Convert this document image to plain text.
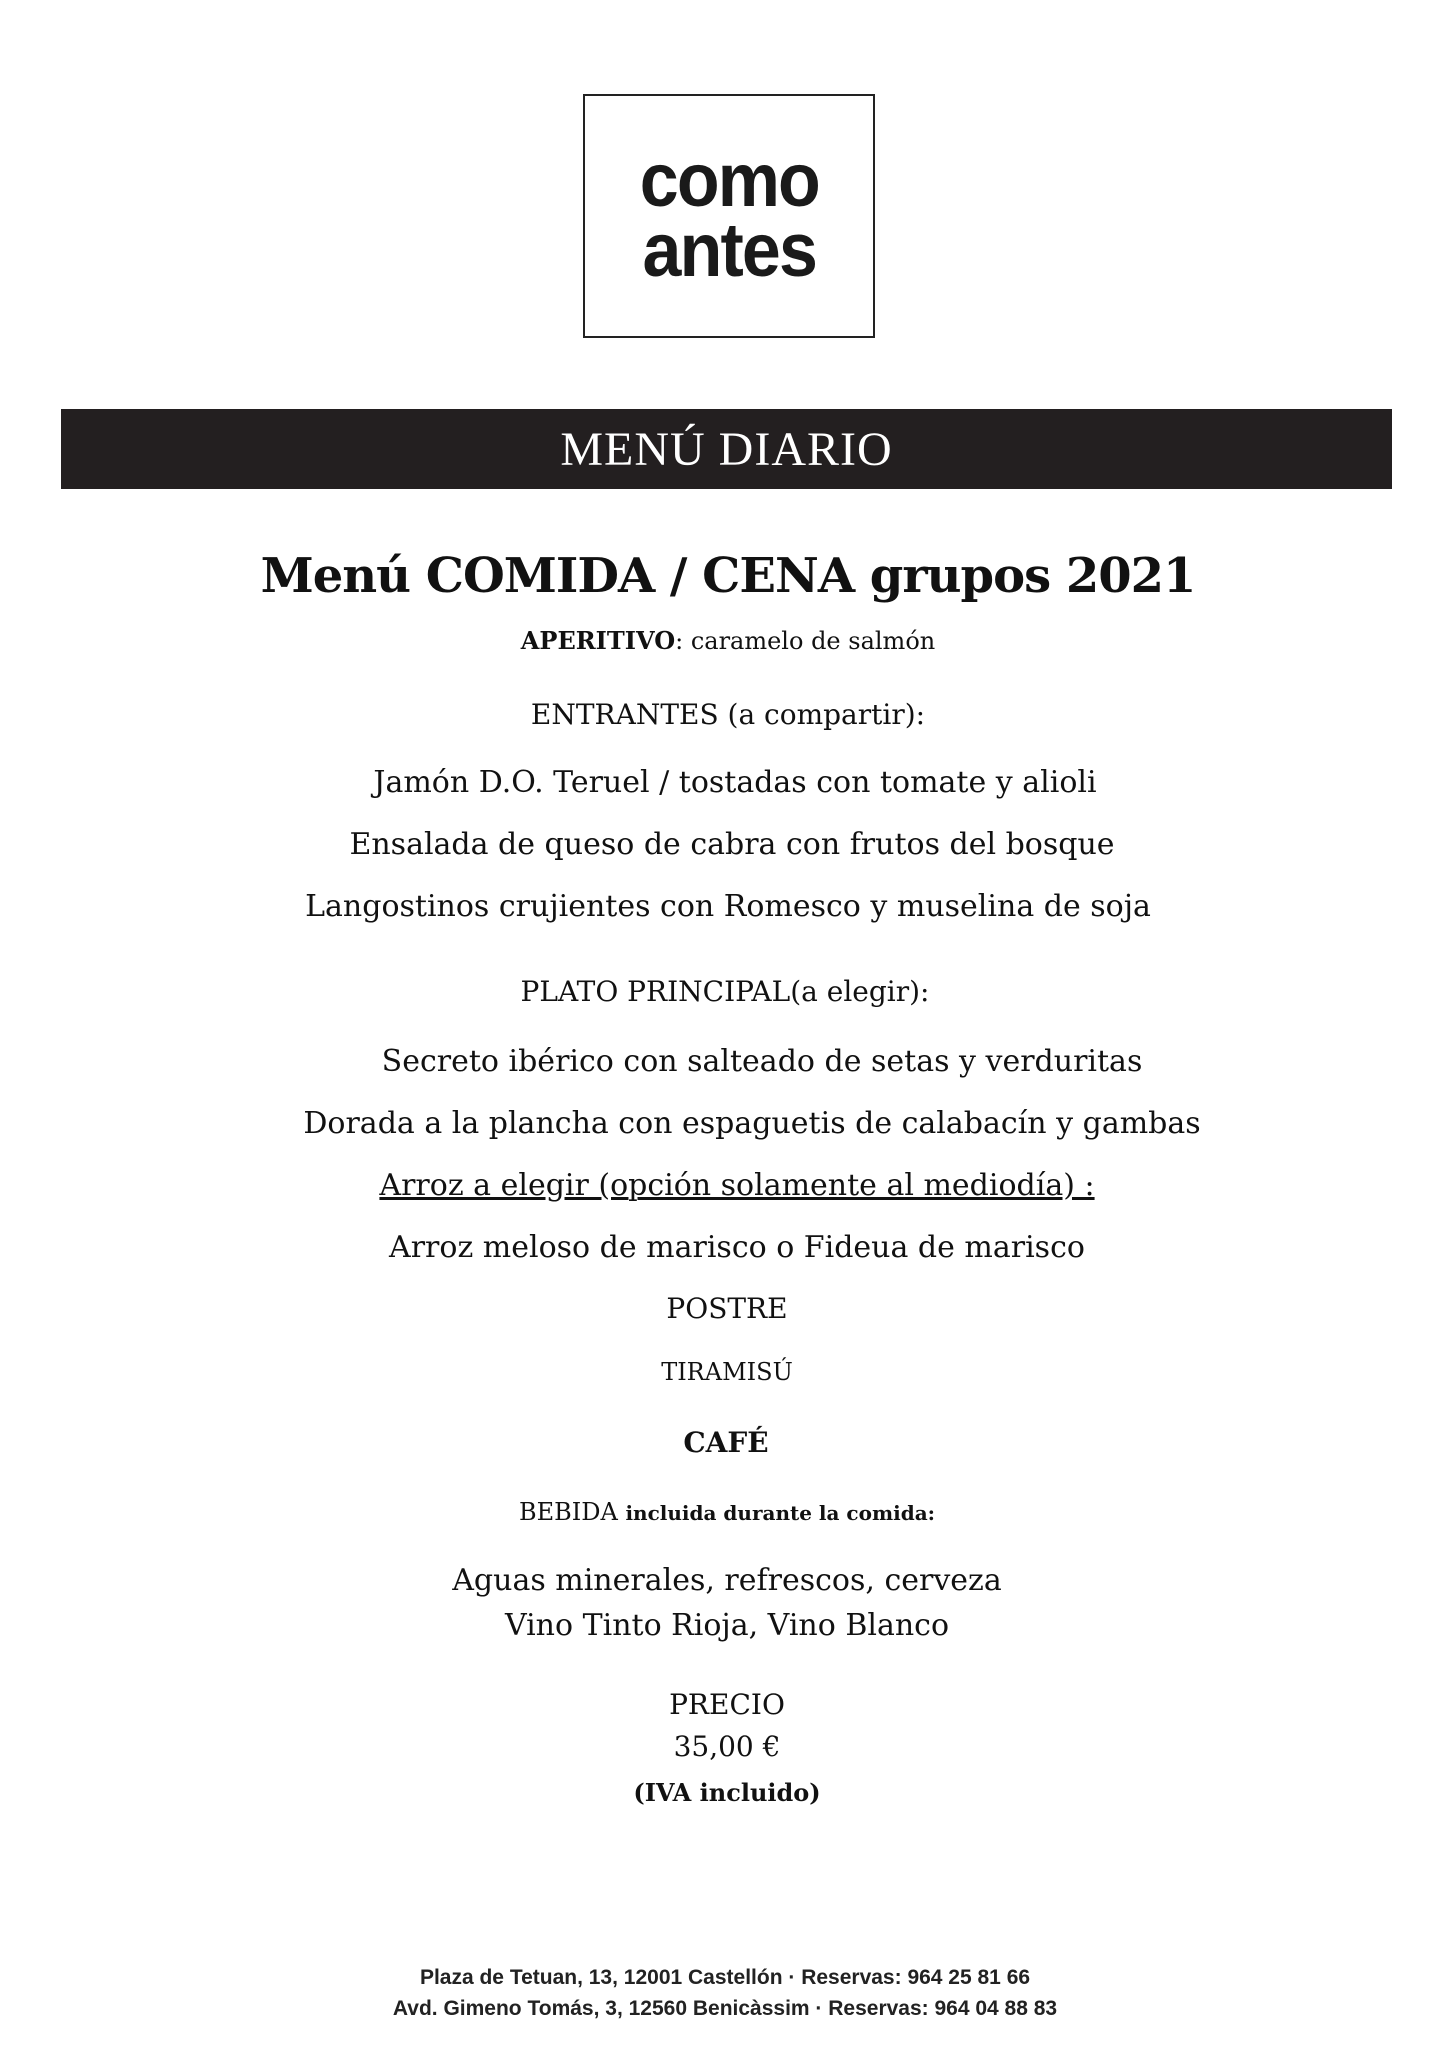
como
antes
MENÚ DIARIO
Menú COMIDA / CENA grupos 2021
APERITIVO: caramelo de salmón
ENTRANTES (a compartir):
Jamón D.O. Teruel / tostadas con tomate y alioli
Ensalada de queso de cabra con frutos del bosque
Langostinos crujientes con Romesco y muselina de soja
PLATO PRINCIPAL(a elegir):
Secreto ibérico con salteado de setas y verduritas
Dorada a la plancha con espaguetis de calabacín y gambas
Arroz a elegir (opción solamente al mediodía) :
Arroz meloso de marisco o Fideua de marisco
POSTRE
TIRAMISÚ
CAFÉ
BEBIDA incluida durante la comida:
Aguas minerales, refrescos, cerveza
Vino Tinto Rioja, Vino Blanco
PRECIO
35,00 €
(IVA incluido)
Plaza de Tetuan, 13, 12001 Castellón · Reservas: 964 25 81 66
Avd. Gimeno Tomás, 3, 12560 Benicàssim · Reservas: 964 04 88 83
